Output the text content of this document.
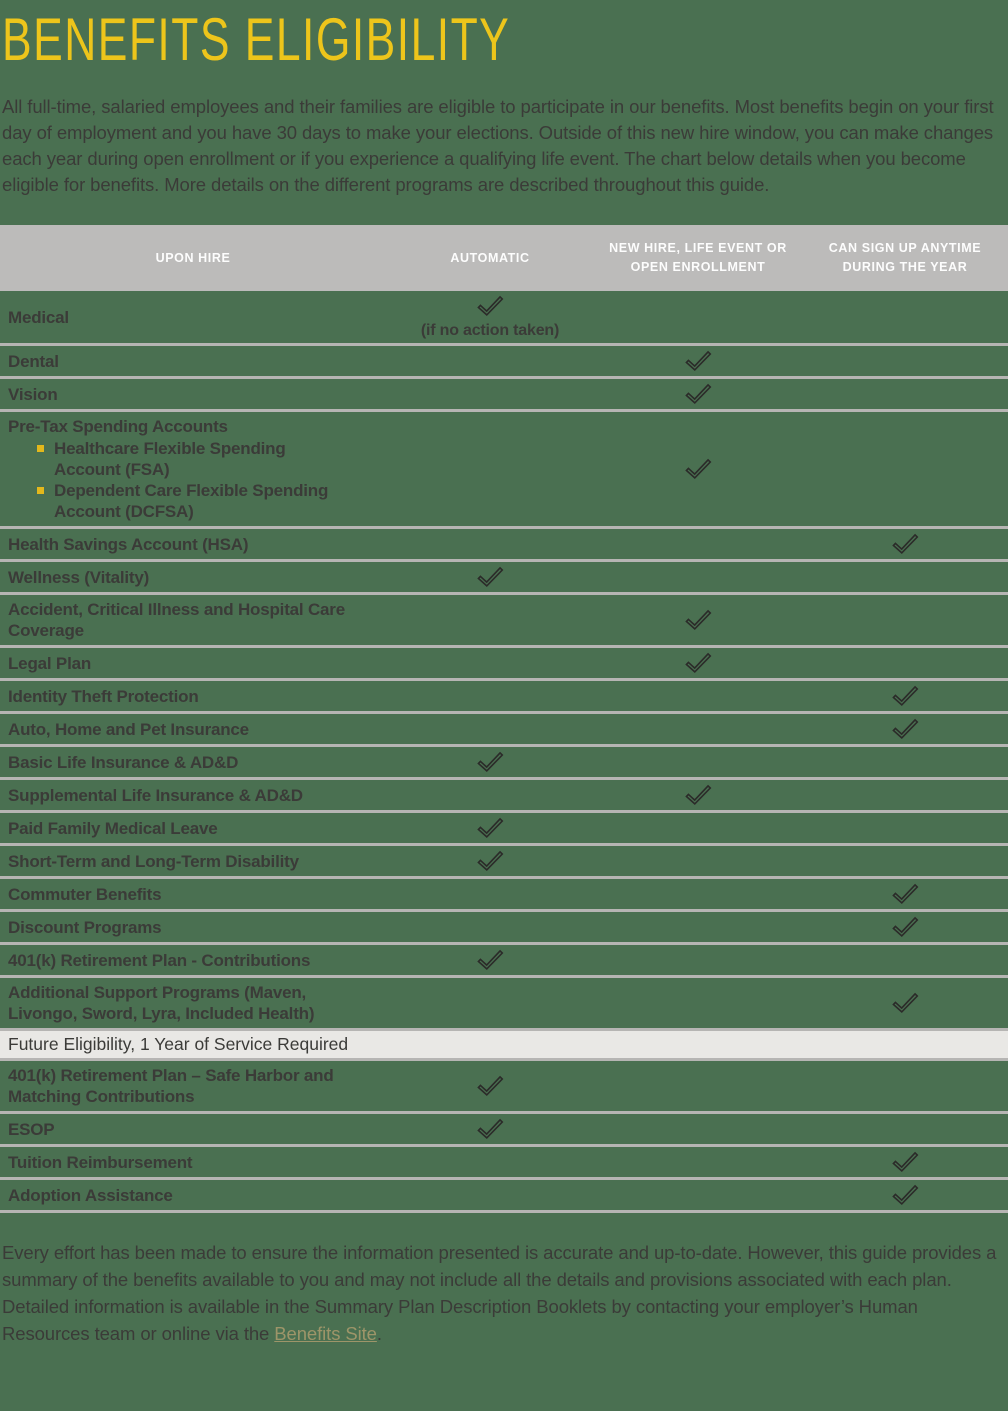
BENEFITS ELIGIBILITY

All full-time, salaried employees and their families are eligible to participate in our benefits. Most benefits begin on your first day of employment and you have 30 days to make your elections. Outside of this new hire window, you can make changes each year during open enrollment or if you experience a qualifying life event. The chart below details when you become eligible for benefits. More details on the different programs are described throughout this guide.

UPON HIRE	AUTOMATIC
NEW HIRE, LIFE EVENT OR OPEN ENROLLMENT
CAN SIGN UP ANYTIME DURING THE YEAR
Medical
(if no action taken)
Dental
Vision
Pre-Tax Spending Accounts
Healthcare Flexible Spending Account (FSA)
Dependent Care Flexible Spending Account (DCFSA)
Health Savings Account (HSA)
Wellness (Vitality)
Accident, Critical Illness and Hospital Care Coverage
Legal Plan
Identity Theft Protection
Auto, Home and Pet Insurance
Basic Life Insurance & AD&D
Supplemental Life Insurance & AD&D
Paid Family Medical Leave
Short-Term and Long-Term Disability
Commuter Benefits
Discount Programs
401(k) Retirement Plan - Contributions
Additional Support Programs (Maven, Livongo, Sword, Lyra, Included Health)
Future Eligibility, 1 Year of Service Required
401(k) Retirement Plan – Safe Harbor and Matching Contributions
ESOP
Tuition Reimbursement
Adoption Assistance

Every effort has been made to ensure the information presented is accurate and up-to-date. However, this guide provides a summary of the benefits available to you and may not include all the details and provisions associated with each plan. Detailed information is available in the Summary Plan Description Booklets by contacting your employer’s Human Resources team or online via the Benefits Site.
